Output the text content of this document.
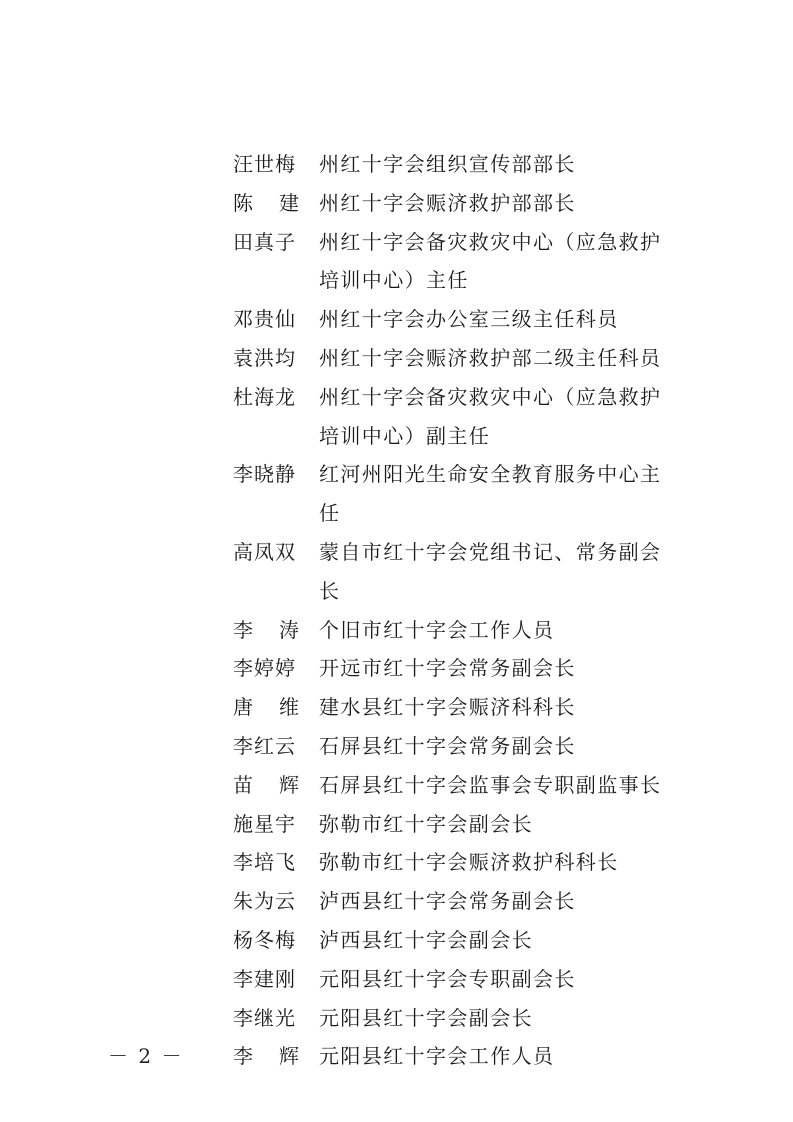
汪世梅	州红十字会组织宣传部部长
陈 建 州红十字会赈济救护部部长
田真子	州红十字会备灾救灾中心（应急救护培训中心）主任
邓贵仙	州红十字会办公室三级主任科员
袁洪均	州红十字会赈济救护部二级主任科员
杜海龙	州红十字会备灾救灾中心（应急救护培训中心）副主任
李晓静	红河州阳光生命安全教育服务中心主任
高凤双	蒙自市红十字会党组书记、常务副会长
李 涛 个旧市红十字会工作人员
李婷婷	开远市红十字会常务副会长
唐 维 建水县红十字会赈济科科长
李红云	石屏县红十字会常务副会长
苗 辉 石屏县红十字会监事会专职副监事长
施星宇	弥勒市红十字会副会长
李培飞	弥勒市红十字会赈济救护科科长
朱为云	泸西县红十字会常务副会长
杨冬梅	泸西县红十字会副会长
李建刚	元阳县红十字会专职副会长
李继光	元阳县红十字会副会长
李 辉 元阳县红十字会工作人员
－ 2 －
